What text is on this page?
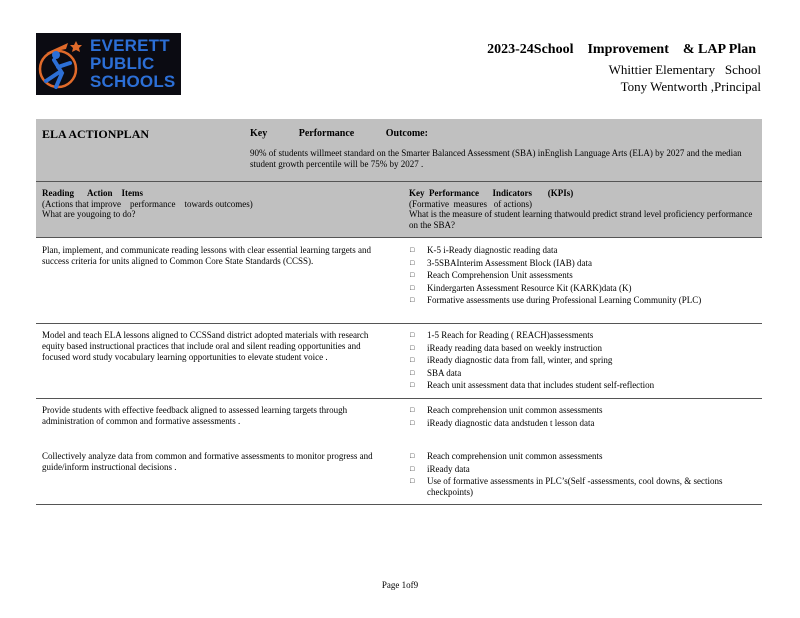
EVERETT
PUBLIC
SCHOOLS
2023-24School    Improvement    & LAP Plan
Whittier Elementary   School
Tony Wentworth ,Principal
ELA ACTIONPLAN	Key   Performance   Outcome:
90% of students willmeet standard on the Smarter Balanced Assessment (SBA) inEnglish Language Arts (ELA) by 2027 and the median student growth percentile will be 75% by 2027 .
Reading      Action    Items
(Actions that improve    performance    towards outcomes)
What are yougoing to do?
Key  Performance      Indicators       (KPIs)
(Formative  measures   of actions)
What is the measure of student learning thatwould predict strand level proficiency performance on the SBA?
Plan, implement, and communicate reading lessons with clear essential learning targets and success criteria for units aligned to Common Core State Standards (CCSS).
□ K-5 i-Ready diagnostic reading data
□ 3-5SBAInterim Assessment Block (IAB) data
□ Reach Comprehension Unit assessments
□ Kindergarten Assessment Resource Kit (KARK)data (K)
□ Formative assessments use during Professional Learning Community (PLC)
Model and teach ELA lessons aligned to CCSSand district adopted materials with research equity based instructional practices that include oral and silent reading opportunities and focused word study vocabulary learning opportunities to elevate student voice .
□ 1-5 Reach for Reading ( REACH)assessments
□ iReady reading data based on weekly instruction
□ iReady diagnostic data from fall, winter, and spring
□ SBA data
□ Reach unit assessment data that includes student self-reflection
Provide students with effective feedback aligned to assessed learning targets through administration of common and formative assessments .
□ Reach comprehension unit common assessments
□ iReady diagnostic data andstuden t lesson data
Collectively analyze data from common and formative assessments to monitor progress and guide/inform instructional decisions .
□ Reach comprehension unit common assessments
□ iReady data
□ Use of formative assessments in PLC’s(Self -assessments, cool downs, & sections checkpoints)
Page 1of9
